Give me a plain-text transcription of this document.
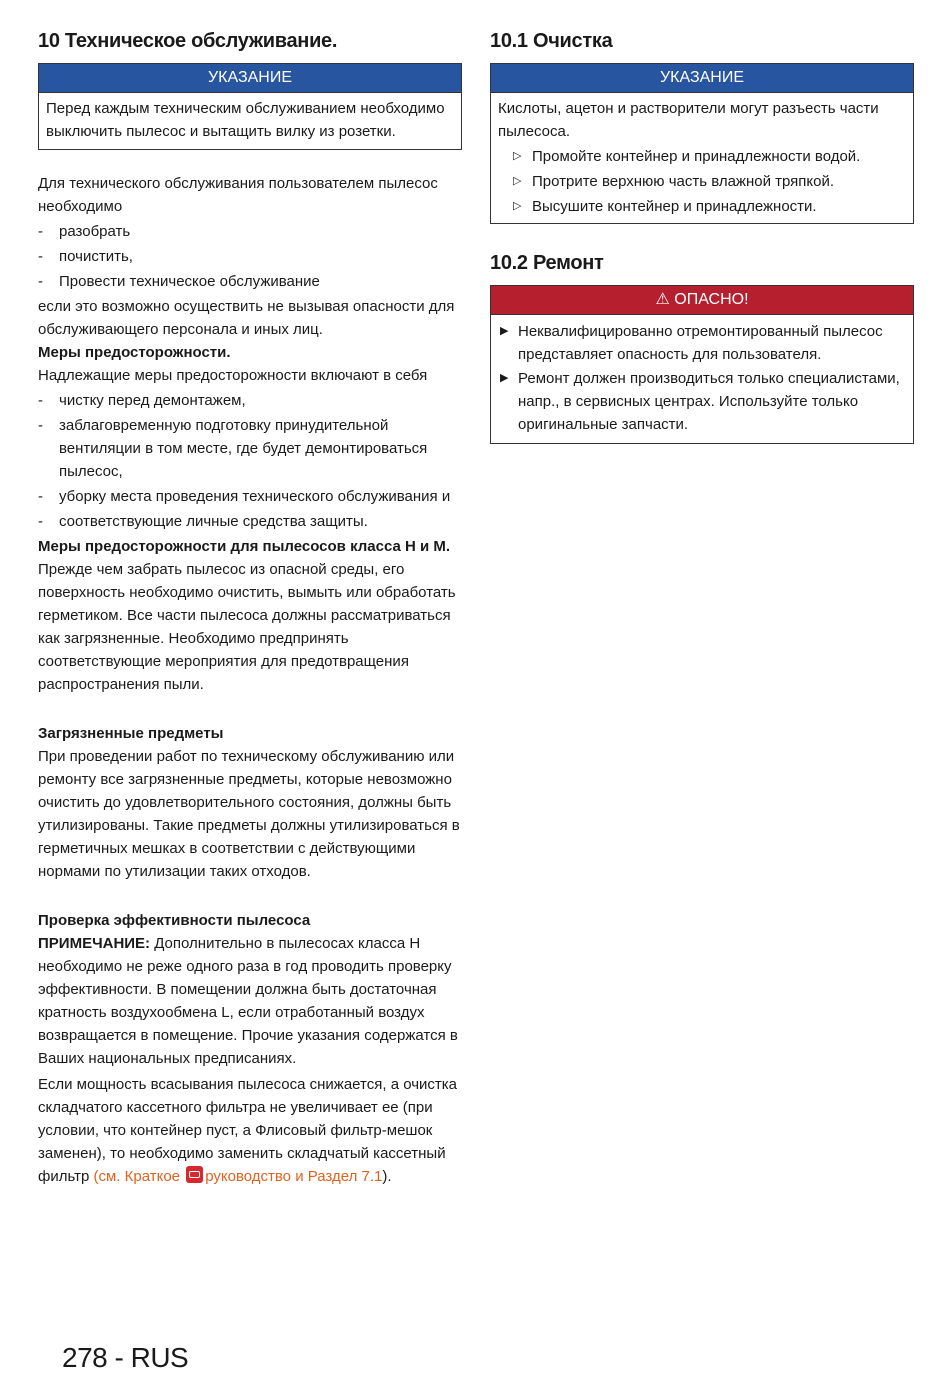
10 Техническое обслуживание.
УКАЗАНИЕ
Перед каждым техническим обслуживанием необходимо выключить пылесос и вытащить вилку из розетки.

Для технического обслуживания пользователем пылесос необходимо

- разобрать
- почистить,
- Провести техническое обслуживание

если это возможно осуществить не вызывая опасности для обслуживающего персонала и иных лиц.

Меры предосторожности.

Надлежащие меры предосторожности включают в себя

- чистку перед демонтажем,
- заблаговременную подготовку принудительной вентиляции в том месте, где будет демонтироваться пылесос,
- уборку места проведения технического обслуживания и
- соответствующие личные средства защиты.

Меры предосторожности для пылесосов класса H и M.

Прежде чем забрать пылесос из опасной среды, его поверхность необходимо очистить, вымыть или обработать герметиком. Все части пылесоса должны рассматриваться как загрязненные. Необходимо предпринять соответствующие мероприятия для предотвращения распространения пыли.

Загрязненные предметы

При проведении работ по техническому обслуживанию или ремонту все загрязненные предметы, которые невозможно очистить до удовлетворительного состояния, должны быть утилизированы. Такие предметы должны утилизироваться в герметичных мешках в соответствии с действующими нормами по утилизации таких отходов.

Проверка эффективности пылесоса

ПРИМЕЧАНИЕ: Дополнительно в пылесосах класса H необходимо не реже одного раза в год проводить проверку эффективности. В помещении должна быть достаточная кратность воздухообмена L, если отработанный воздух возвращается в помещение. Прочие указания содержатся в Ваших национальных предписаниях.

Если мощность всасывания пылесоса снижается, а очистка складчатого кассетного фильтра не увеличивает ее (при условии, что контейнер пуст, а Флисовый фильтр-мешок заменен), то необходимо заменить складчатый кассетный фильтр (см. Краткое руководство и Раздел 7.1).

10.1 Очистка
УКАЗАНИЕ

Кислоты, ацетон и растворители могут разъесть части пылесоса.

▷ Промойте контейнер и принадлежности водой.
▷ Протрите верхнюю часть влажной тряпкой.
▷ Высушите контейнер и принадлежности.
10.2 Ремонт
⚠ ОПАСНО!
▶ Неквалифицированно отремонтированный пылесос представляет опасность для пользователя.
▶ Ремонт должен производиться только специалистами, напр., в сервисных центрах. Используйте только оригинальные запчасти.
278 - RUS
